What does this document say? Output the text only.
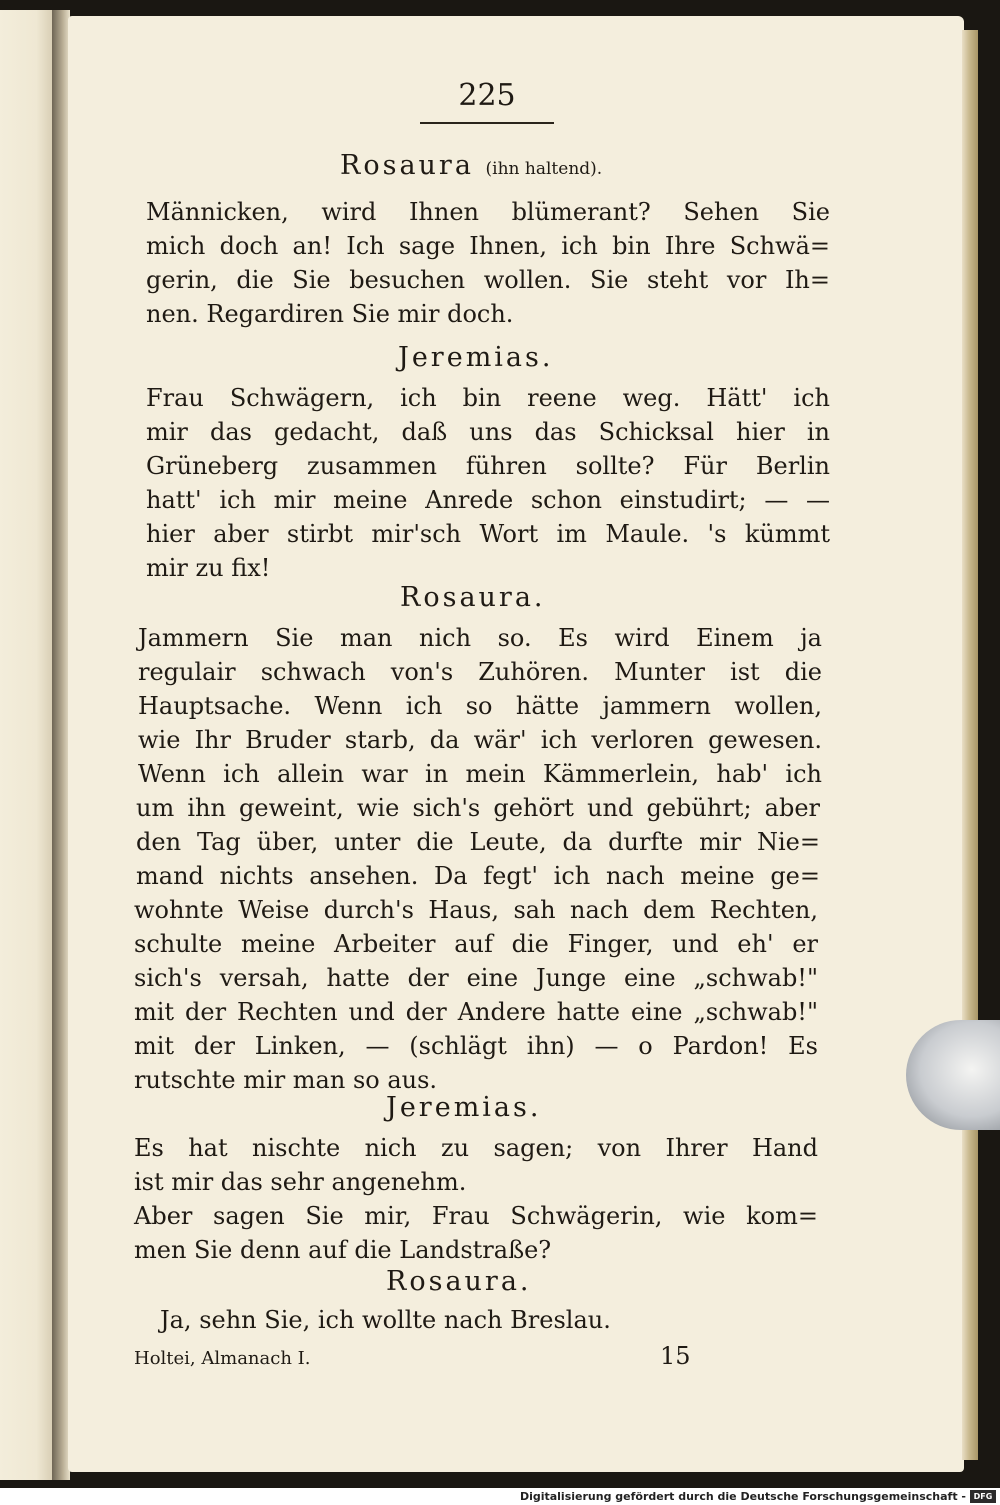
225
Rosaura (ihn haltend).
Männicken, wird Ihnen blümerant? Sehen Sie
mich doch an! Ich sage Ihnen, ich bin Ihre Schwä=
gerin, die Sie besuchen wollen. Sie steht vor Ih=
nen. Regardiren Sie mir doch.
Jeremias.
Frau Schwägern, ich bin reene weg. Hätt' ich
mir das gedacht, daß uns das Schicksal hier in
Grüneberg zusammen führen sollte? Für Berlin
hatt' ich mir meine Anrede schon einstudirt; — —
hier aber stirbt mir'sch Wort im Maule. 's kümmt
mir zu fix!
Rosaura.
Jammern Sie man nich so. Es wird Einem ja
regulair schwach von's Zuhören. Munter ist die
Hauptsache. Wenn ich so hätte jammern wollen,
wie Ihr Bruder starb, da wär' ich verloren gewesen.
Wenn ich allein war in mein Kämmerlein, hab' ich
um ihn geweint, wie sich's gehört und gebührt; aber
den Tag über, unter die Leute, da durfte mir Nie=
mand nichts ansehen. Da fegt' ich nach meine ge=
wohnte Weise durch's Haus, sah nach dem Rechten,
schulte meine Arbeiter auf die Finger, und eh' er
sich's versah, hatte der eine Junge eine „schwab!"
mit der Rechten und der Andere hatte eine „schwab!"
mit der Linken, — (schlägt ihn) — o Pardon! Es
rutschte mir man so aus.
Jeremias.
Es hat nischte nich zu sagen; von Ihrer Hand
ist mir das sehr angenehm.
Aber sagen Sie mir, Frau Schwägerin, wie kom=
men Sie denn auf die Landstraße?
Rosaura.
Ja, sehn Sie, ich wollte nach Breslau.
Holtei, Almanach I.	15
Digitalisierung gefördert durch die Deutsche Forschungsgemeinschaft - DFG
